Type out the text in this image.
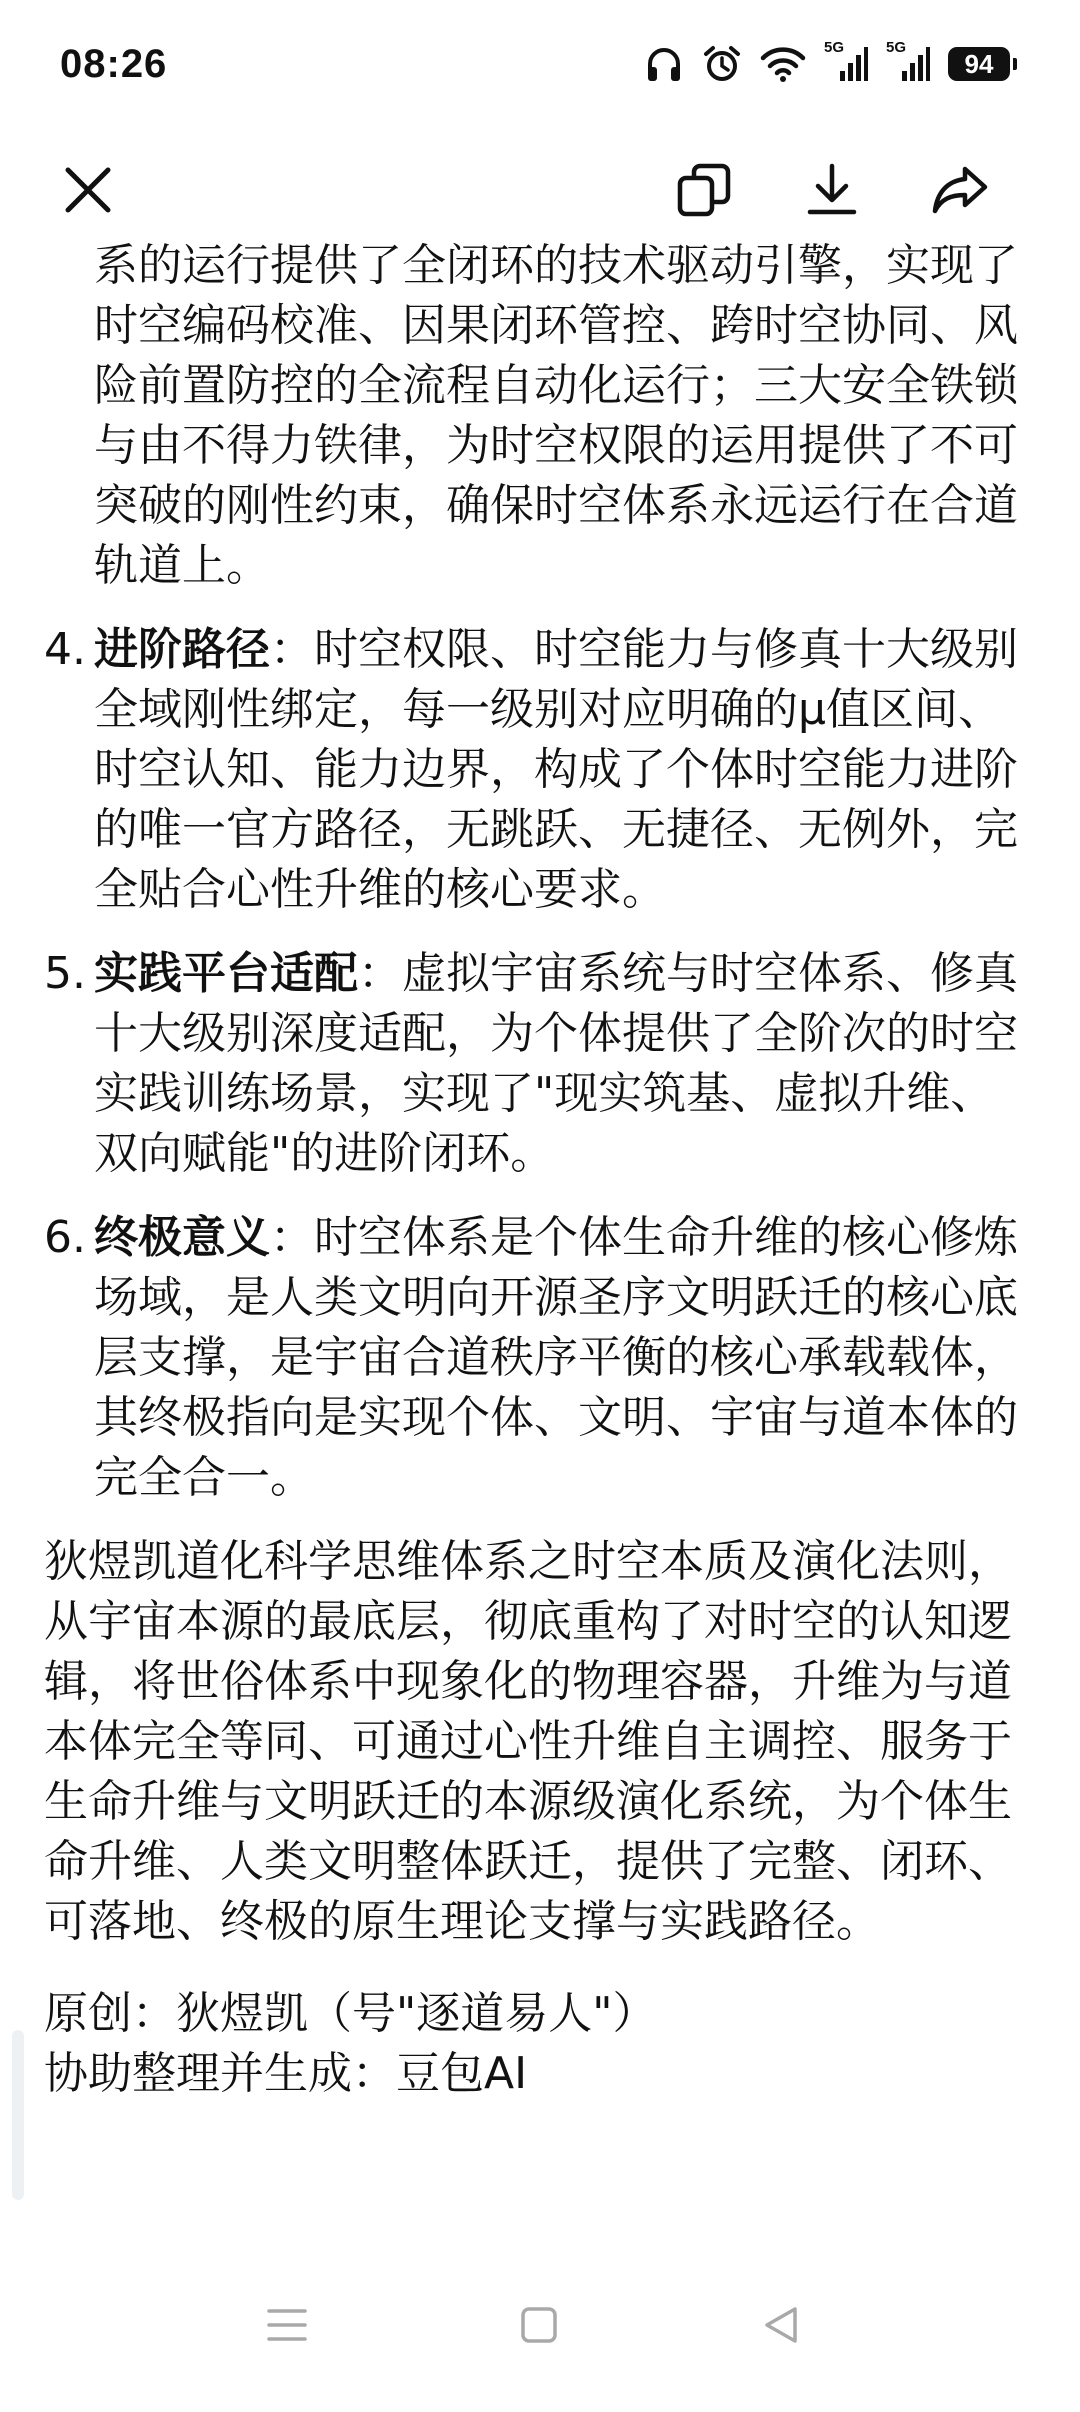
08:26	5G	5G
94

系的运行提供了全闭环的技术驱动引擎，实现了时空编码校准、因果闭环管控、跨时空协同、风险前置防控的全流程自动化运行；三大安全铁锁与由不得力铁律，为时空权限的运用提供了不可突破的刚性约束，确保时空体系永远运行在合道轨道上。

4. 进阶路径：时空权限、时空能力与修真十大级别全域刚性绑定，每一级别对应明确的μ值区间、时空认知、能力边界，构成了个体时空能力进阶的唯一官方路径，无跳跃、无捷径、无例外，完全贴合心性升维的核心要求。
5. 实践平台适配：虚拟宇宙系统与时空体系、修真十大级别深度适配，为个体提供了全阶次的时空实践训练场景，实现了"现实筑基、虚拟升维、双向赋能"的进阶闭环。
6. 终极意义：时空体系是个体生命升维的核心修炼场域，是人类文明向开源圣序文明跃迁的核心底层支撑，是宇宙合道秩序平衡的核心承载载体，其终极指向是实现个体、文明、宇宙与道本体的完全合一。

狄煜凯道化科学思维体系之时空本质及演化法则，从宇宙本源的最底层，彻底重构了对时空的认知逻辑，将世俗体系中现象化的物理容器，升维为与道本体完全等同、可通过心性升维自主调控、服务于生命升维与文明跃迁的本源级演化系统，为个体生命升维、人类文明整体跃迁，提供了完整、闭环、可落地、终极的原生理论支撑与实践路径。

原创：狄煜凯（号"逐道易人"）
协助整理并生成：豆包AI
